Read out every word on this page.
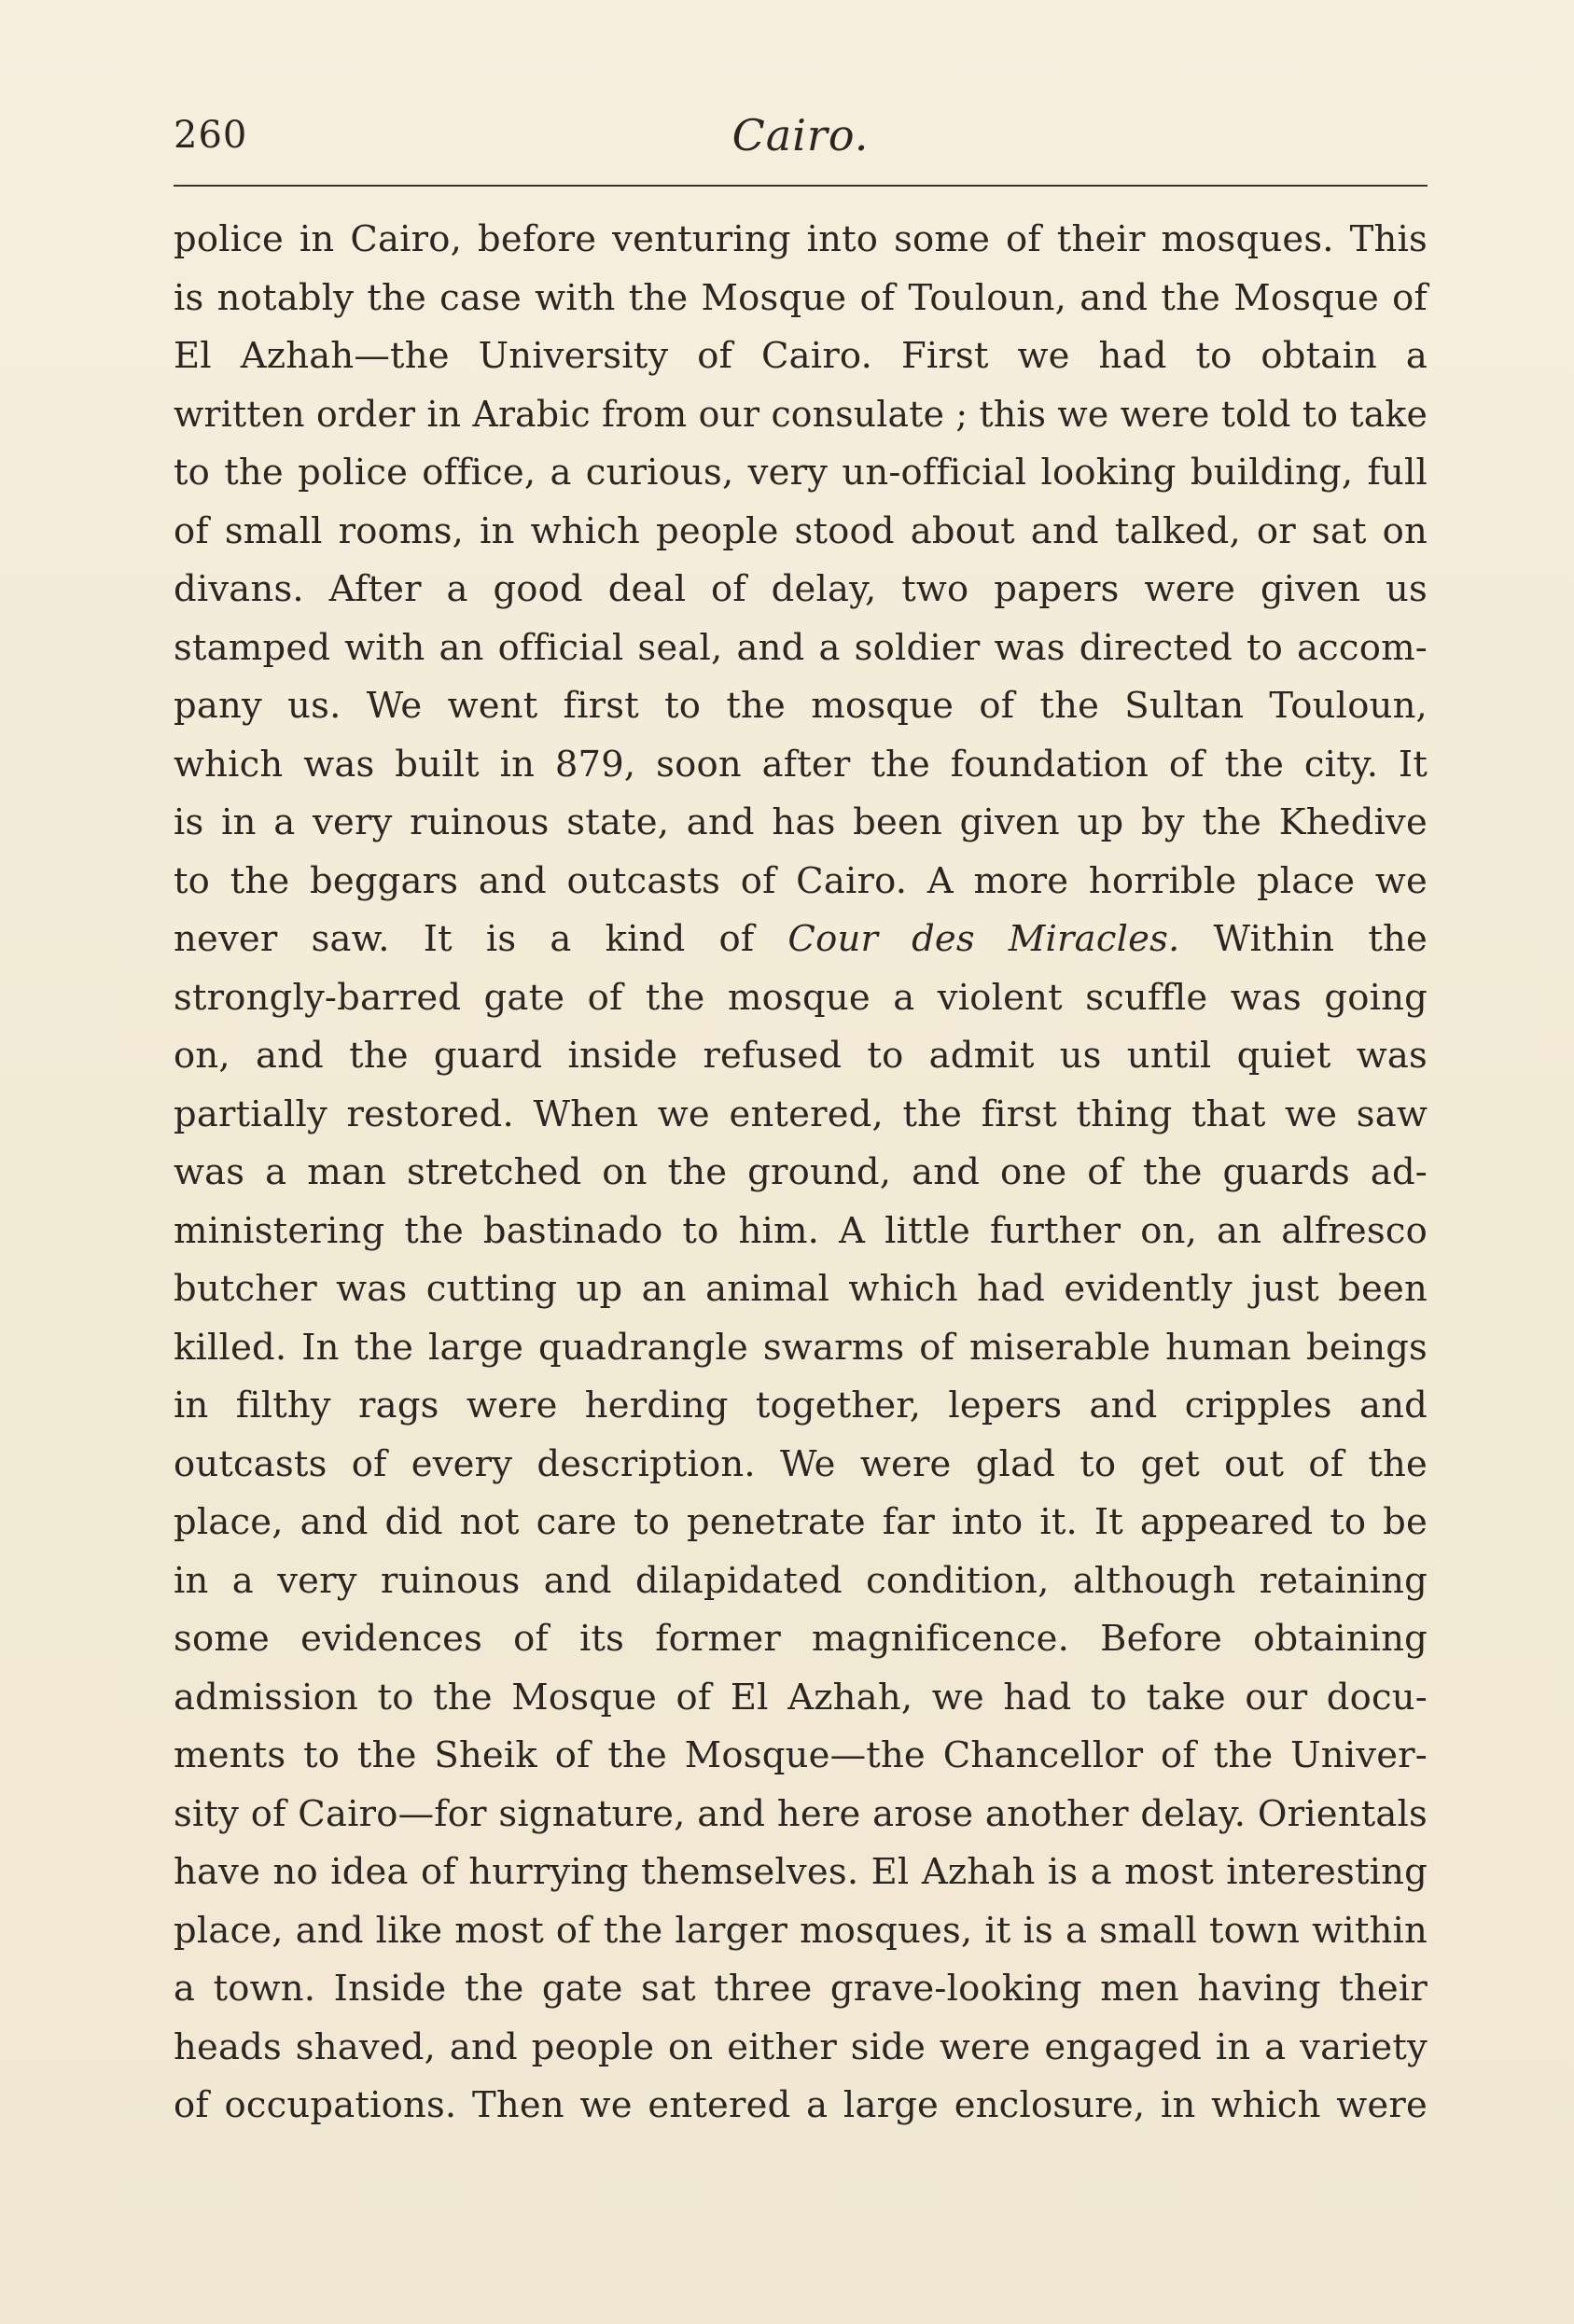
260	Cairo.
police in Cairo, before venturing into some of their mosques. This
is notably the case with the Mosque of Touloun, and the Mosque of
El Azhah—the University of Cairo. First we had to obtain a
written order in Arabic from our consulate ; this we were told to take
to the police office, a curious, very un-official looking building, full
of small rooms, in which people stood about and talked, or sat on
divans. After a good deal of delay, two papers were given us
stamped with an official seal, and a soldier was directed to accom-
pany us. We went first to the mosque of the Sultan Touloun,
which was built in 879, soon after the foundation of the city. It
is in a very ruinous state, and has been given up by the Khedive
to the beggars and outcasts of Cairo. A more horrible place we
never saw. It is a kind of Cour des Miracles. Within the
strongly-barred gate of the mosque a violent scuffle was going
on, and the guard inside refused to admit us until quiet was
partially restored. When we entered, the first thing that we saw
was a man stretched on the ground, and one of the guards ad-
ministering the bastinado to him. A little further on, an alfresco
butcher was cutting up an animal which had evidently just been
killed. In the large quadrangle swarms of miserable human beings
in filthy rags were herding together, lepers and cripples and
outcasts of every description. We were glad to get out of the
place, and did not care to penetrate far into it. It appeared to be
in a very ruinous and dilapidated condition, although retaining
some evidences of its former magnificence. Before obtaining
admission to the Mosque of El Azhah, we had to take our docu-
ments to the Sheik of the Mosque—the Chancellor of the Univer-
sity of Cairo—for signature, and here arose another delay. Orientals
have no idea of hurrying themselves. El Azhah is a most interesting
place, and like most of the larger mosques, it is a small town within
a town. Inside the gate sat three grave-looking men having their
heads shaved, and people on either side were engaged in a variety
of occupations. Then we entered a large enclosure, in which were
